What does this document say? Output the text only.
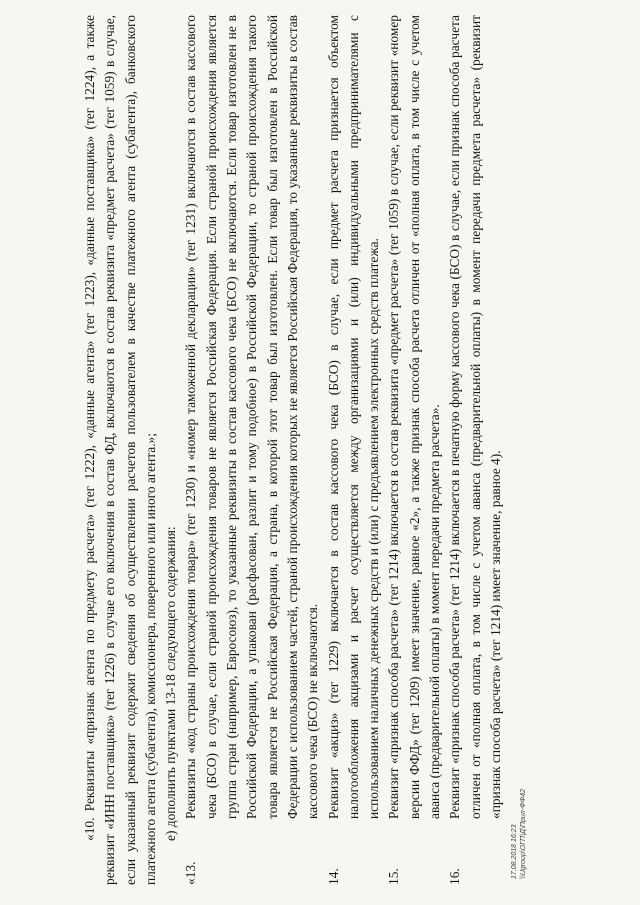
«10. Реквизиты «признак агента по предмету расчета» (тег 1222), «данные агента» (тег 1223), «данные поставщика» (тег 1224), а также реквизит «ИНН поставщика» (тег 1226) в случае его включения в состав ФД, включаются в состав реквизита «предмет расчета» (тег 1059) в случае, если указанный реквизит содержит сведения об осуществлении расчетов пользователем в качестве платежного агента (субагента), банковского платежного агента (субагента), комиссионера, поверенного или иного агента.»; е) дополнить пунктами 13-18 следующего содержания:

«13.
Реквизиты «код страны происхождения товара» (тег 1230) и «номер таможенной декларации» (тег 1231) включаются в состав кассового чека (БСО) в случае, если страной происхождения товаров не является Российская Федерация. Если страной происхождения является группа стран (например, Евросоюз), то указанные реквизиты в состав кассового чека (БСО) не включаются. Если товар изготовлен не в Российской Федерации, а упакован (расфасован, разлит и тому подобное) в Российской Федерации, то страной происхождения такого товара является не Российская Федерация, а страна, в которой этот товар был изготовлен. Если товар был изготовлен в Российской Федерации с использованием частей, страной происхождения которых не является Российская Федерация, то указанные реквизиты в состав кассового чека (БСО) не включаются.
14.
Реквизит «акциз» (тег 1229) включается в состав кассового чека (БСО) в случае, если предмет расчета признается объектом налогообложения акцизами и расчет осуществляется между организациями и (или) индивидуальными предпринимателями с использованием наличных денежных средств и (или) с предъявлением электронных средств платежа.
15.
Реквизит «признак способа расчета» (тег 1214) включается в состав реквизита «предмет расчета» (тег 1059) в случае, если реквизит «номер версии ФФД» (тег 1209) имеет значение, равное «2», а также признак способа расчета отличен от «полная оплата, в том числе с учетом аванса (предварительной оплаты) в момент передачи предмета расчета».
16.
Реквизит «признак способа расчета» (тег 1214) включается в печатную форму кассового чека (БСО) в случае, если признак способа расчета отличен от «полная оплата, в том числе с учетом аванса (предварительной оплаты) в момент передачи предмета расчета» (реквизит «признак способа расчета» (тег 1214) имеет значение, равное 4).
17.08.2018 16:23 \\Ugroup\ОГП\Д\Прил-ФФ42
